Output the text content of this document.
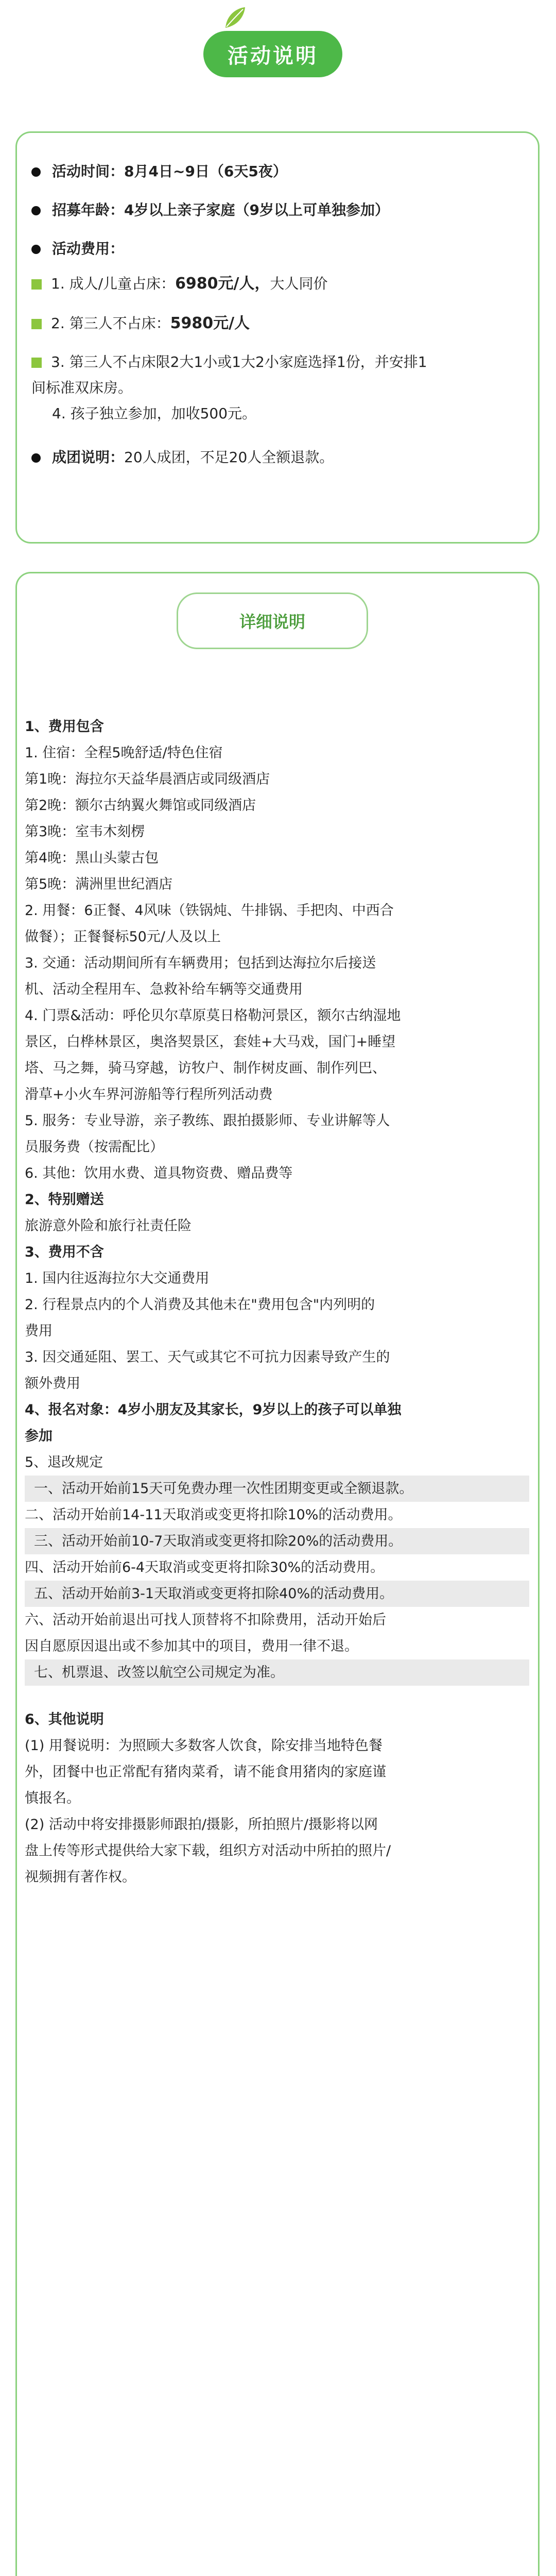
活动说明
活动时间：8月4日~9日（6天5夜）
招募年龄：4岁以上亲子家庭（9岁以上可单独参加）
活动费用：
1. 成人/儿童占床：6980元/人，大人同价
2. 第三人不占床：5980元/人
3. 第三人不占床限2大1小或1大2小家庭选择1份，并安排1
间标准双床房。
4. 孩子独立参加，加收500元。
成团说明：20人成团，不足20人全额退款。
详细说明
1、费用包含
1. 住宿：全程5晚舒适/特色住宿
第1晚：海拉尔天益华晨酒店或同级酒店
第2晚：额尔古纳翼火舞馆或同级酒店
第3晚：室韦木刻楞
第4晚：黑山头蒙古包
第5晚：满洲里世纪酒店
2. 用餐：6正餐、4风味（铁锅炖、牛排锅、手把肉、中西合
做餐）；正餐餐标50元/人及以上
3. 交通：活动期间所有车辆费用；包括到达海拉尔后接送
机、活动全程用车、急救补给车辆等交通费用
4. 门票&活动：呼伦贝尔草原莫日格勒河景区，额尔古纳湿地
景区，白桦林景区，奥洛契景区，套娃+大马戏，国门+睡望
塔、马之舞，骑马穿越，访牧户、制作树皮画、制作列巴、
滑草+小火车界河游船等行程所列活动费
5. 服务：专业导游，亲子教练、跟拍摄影师、专业讲解等人
员服务费（按需配比）
6. 其他：饮用水费、道具物资费、赠品费等
2、特别赠送
旅游意外险和旅行社责任险
3、费用不含
1. 国内往返海拉尔大交通费用
2. 行程景点内的个人消费及其他未在"费用包含"内列明的
费用
3. 因交通延阻、罢工、天气或其它不可抗力因素导致产生的
额外费用
4、报名对象：4岁小朋友及其家长，9岁以上的孩子可以单独
参加
5、退改规定
一、活动开始前15天可免费办理一次性团期变更或全额退款。
二、活动开始前14-11天取消或变更将扣除10%的活动费用。
三、活动开始前10-7天取消或变更将扣除20%的活动费用。
四、活动开始前6-4天取消或变更将扣除30%的活动费用。
五、活动开始前3-1天取消或变更将扣除40%的活动费用。
六、活动开始前退出可找人顶替将不扣除费用，活动开始后
因自愿原因退出或不参加其中的项目，费用一律不退。
七、机票退、改签以航空公司规定为准。
6、其他说明
(1) 用餐说明：为照顾大多数客人饮食，除安排当地特色餐
外，团餐中也正常配有猪肉菜肴，请不能食用猪肉的家庭谨
慎报名。
(2) 活动中将安排摄影师跟拍/摄影，所拍照片/摄影将以网
盘上传等形式提供给大家下载，组织方对活动中所拍的照片/
视频拥有著作权。
